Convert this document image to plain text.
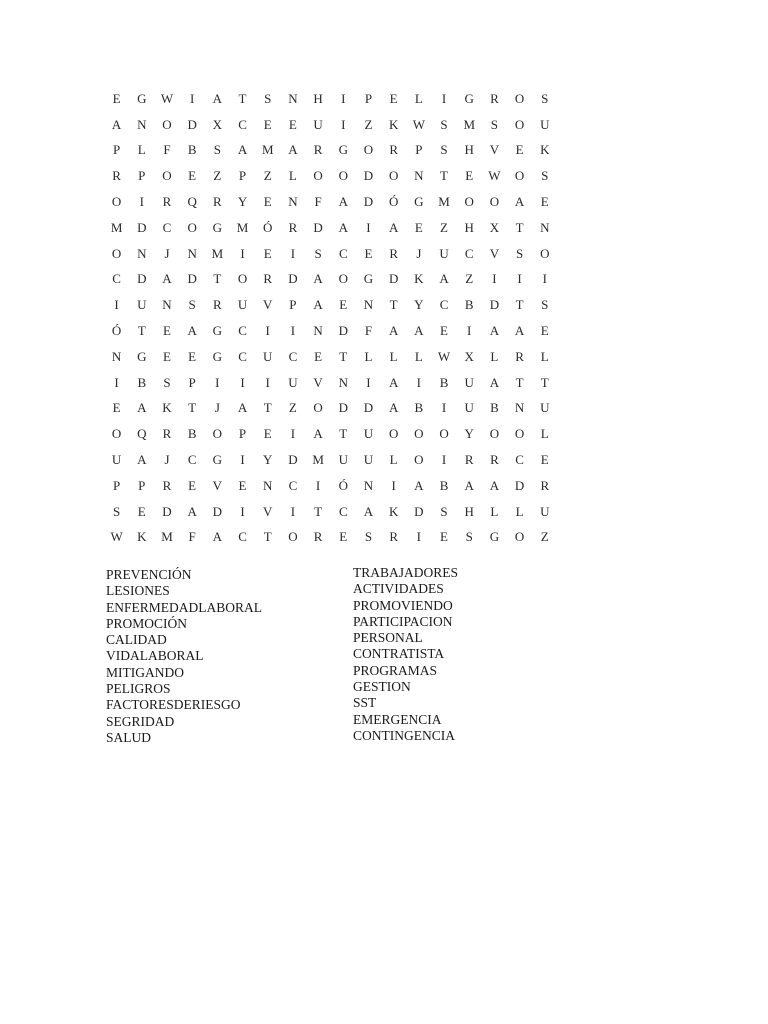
E	G	W	I	A	T	S	N	H	I	P	E	L	I	G	R	O	S
A	N	O	D	X	C	E	E	U	I	Z	K	W	S	M	S	O	U
P	L	F	B	S	A	M	A	R	G	O	R	P	S	H	V	E	K
R	P	O	E	Z	P	Z	L	O	O	D	O	N	T	E	W	O	S
O	I	R	Q	R	Y	E	N	F	A	D	Ó	G	M	O	O	A	E
M	D	C	O	G	M	Ó	R	D	A	I	A	E	Z	H	X	T	N
O	N	J	N	M	I	E	I	S	C	E	R	J	U	C	V	S	O
C	D	A	D	T	O	R	D	A	O	G	D	K	A	Z	I	I	I
I	U	N	S	R	U	V	P	A	E	N	T	Y	C	B	D	T	S
Ó	T	E	A	G	C	I	I	N	D	F	A	A	E	I	A	A	E
N	G	E	E	G	C	U	C	E	T	L	L	L	W	X	L	R	L
I	B	S	P	I	I	I	U	V	N	I	A	I	B	U	A	T	T
E	A	K	T	J	A	T	Z	O	D	D	A	B	I	U	B	N	U
O	Q	R	B	O	P	E	I	A	T	U	O	O	O	Y	O	O	L
U	A	J	C	G	I	Y	D	M	U	U	L	O	I	R	R	C	E
P	P	R	E	V	E	N	C	I	Ó	N	I	A	B	A	A	D	R
S	E	D	A	D	I	V	I	T	C	A	K	D	S	H	L	L	U
W	K	M	F	A	C	T	O	R	E	S	R	I	E	S	G	O	Z
PREVENCIÓN
LESIONES
ENFERMEDADLABORAL
PROMOCIÓN
CALIDAD
VIDALABORAL
MITIGANDO
PELIGROS
FACTORESDERIESGO
SEGRIDAD
SALUD
TRABAJADORES
ACTIVIDADES
PROMOVIENDO
PARTICIPACION
PERSONAL
CONTRATISTA
PROGRAMAS
GESTION
SST
EMERGENCIA
CONTINGENCIA
